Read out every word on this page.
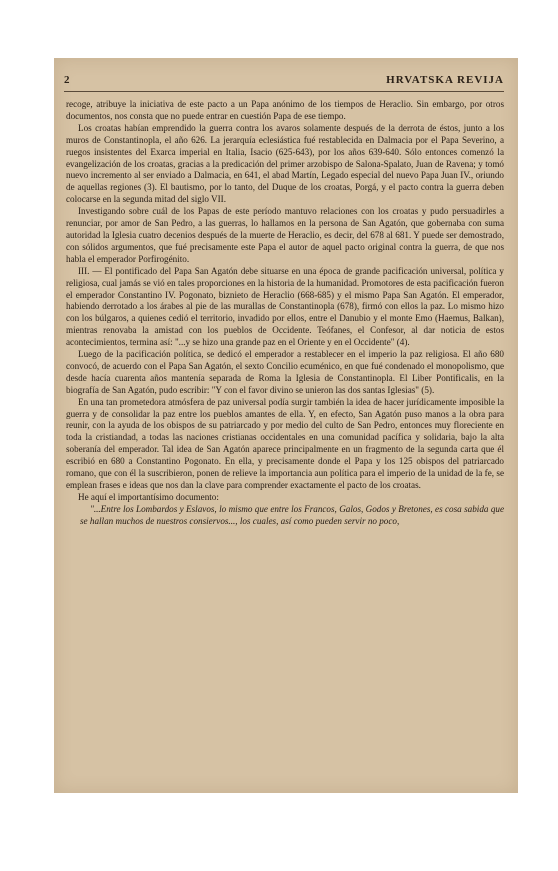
2	HRVATSKA REVIJA

recoge, atribuye la iniciativa de este pacto a un Papa anónimo de los tiempos de Heraclio. Sin embargo, por otros documentos, nos consta que no puede entrar en cuestión Papa de ese tiempo.

Los croatas habían emprendido la guerra contra los avaros solamente después de la derrota de éstos, junto a los muros de Constantinopla, el año 626. La jerarquía eclesiástica fué restablecida en Dalmacia por el Papa Severino, a ruegos insistentes del Exarca imperial en Italia, Isacio (625-643), por los años 639-640. Sólo entonces comenzó la evangelización de los croatas, gracias a la predicación del primer arzobispo de Salona-Spalato, Juan de Ravena; y tomó nuevo incremento al ser enviado a Dalmacia, en 641, el abad Martín, Legado especial del nuevo Papa Juan IV., oriundo de aquellas regiones (3). El bautismo, por lo tanto, del Duque de los croatas, Porgá, y el pacto contra la guerra deben colocarse en la segunda mitad del siglo VII.

Investigando sobre cuál de los Papas de este período mantuvo relaciones con los croatas y pudo persuadirles a renunciar, por amor de San Pedro, a las guerras, lo hallamos en la persona de San Agatón, que gobernaba con suma autoridad la Iglesia cuatro decenios después de la muerte de Heraclio, es decir, del 678 al 681. Y puede ser demostrado, con sólidos argumentos, que fué precisamente este Papa el autor de aquel pacto original contra la guerra, de que nos habla el emperador Porfirogénito.

III. — El pontificado del Papa San Agatón debe situarse en una época de grande pacificación universal, política y religiosa, cual jamás se vió en tales proporciones en la historia de la humanidad. Promotores de esta pacificación fueron el emperador Constantino IV. Pogonato, biznieto de Heraclio (668-685) y el mismo Papa San Agatón. El emperador, habiendo derrotado a los árabes al pie de las murallas de Constantinopla (678), firmó con ellos la paz. Lo mismo hizo con los búlgaros, a quienes cedió el territorio, invadido por ellos, entre el Danubio y el monte Emo (Haemus, Balkan), mientras renovaba la amistad con los pueblos de Occidente. Teófanes, el Confesor, al dar noticia de estos acontecimientos, termina así: "...y se hizo una grande paz en el Oriente y en el Occidente" (4).

Luego de la pacificación política, se dedicó el emperador a restablecer en el imperio la paz religiosa. El año 680 convocó, de acuerdo con el Papa San Agatón, el sexto Concilio ecuménico, en que fué condenado el monopolismo, que desde hacía cuarenta años mantenía separada de Roma la Iglesia de Constantinopla. El Liber Pontificalis, en la biografía de San Agatón, pudo escribir: "Y con el favor divino se unieron las dos santas Iglesias" (5).

En una tan prometedora atmósfera de paz universal podía surgir también la idea de hacer jurídicamente imposible la guerra y de consolidar la paz entre los pueblos amantes de ella. Y, en efecto, San Agatón puso manos a la obra para reunir, con la ayuda de los obispos de su patriarcado y por medio del culto de San Pedro, entonces muy floreciente en toda la cristiandad, a todas las naciones cristianas occidentales en una comunidad pacífica y solidaria, bajo la alta soberanía del emperador. Tal idea de San Agatón aparece principalmente en un fragmento de la segunda carta que él escribió en 680 a Constantino Pogonato. En ella, y precisamente donde el Papa y los 125 obispos del patriarcado romano, que con él la suscribieron, ponen de relieve la importancia aun política para el imperio de la unidad de la fe, se emplean frases e ideas que nos dan la clave para comprender exactamente el pacto de los croatas.

He aquí el importantísimo documento:

"...Entre los Lombardos y Eslavos, lo mismo que entre los Francos, Galos, Godos y Bretones, es cosa sabida que se hallan muchos de nuestros consiervos..., los cuales, así como pueden servir no poco,
